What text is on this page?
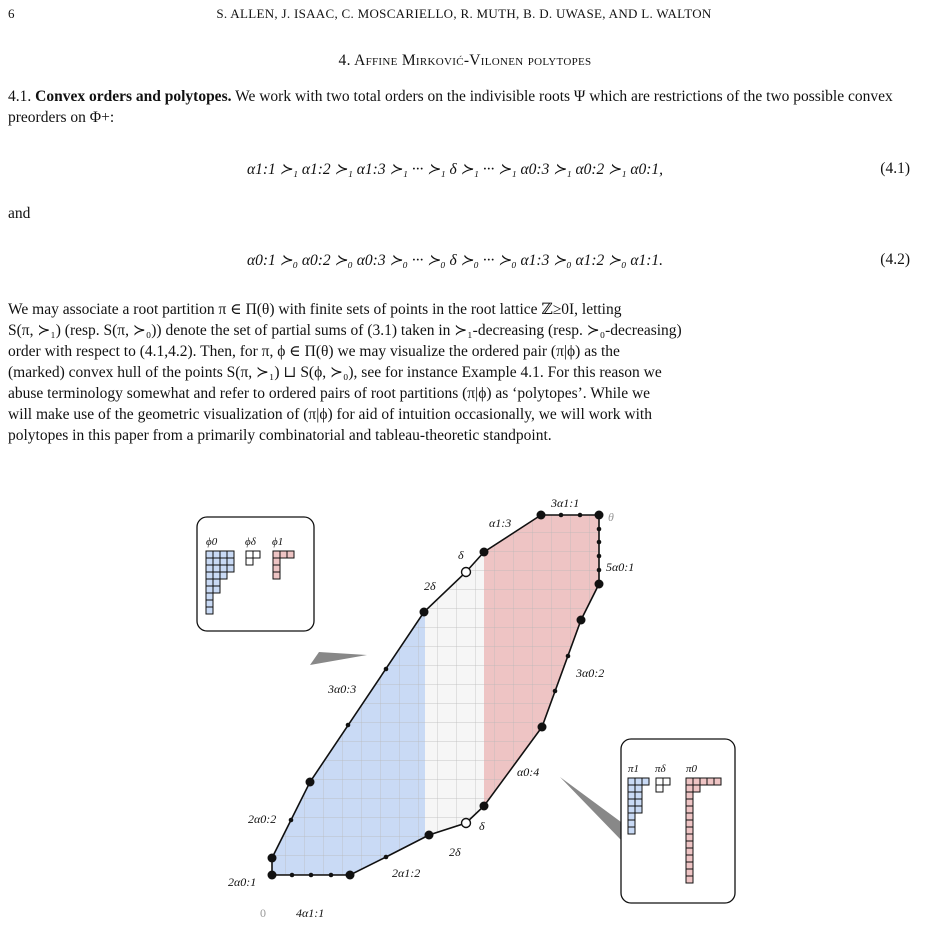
6	S. ALLEN, J. ISAAC, C. MOSCARIELLO, R. MUTH, B. D. UWASE, AND L. WALTON
4. Affine Mirković-Vilonen polytopes
4.1. Convex orders and polytopes. We work with two total orders on the indivisible roots Ψ which are restrictions of the two possible convex preorders on Φ+:
α1:1 ≻₁ α1:2 ≻₁ α1:3 ≻₁ ··· ≻₁ δ ≻₁ ··· ≻₁ α0:3 ≻₁ α0:2 ≻₁ α0:1,	(4.1)
and
α0:1 ≻₀ α0:2 ≻₀ α0:3 ≻₀ ··· ≻₀ δ ≻₀ ··· ≻₀ α1:3 ≻₀ α1:2 ≻₀ α1:1.	(4.2)
We may associate a root partition π ∈ Π(θ) with finite sets of points in the root lattice ℤ≥0I, letting
S(π, ≻₁) (resp. S(π, ≻₀)) denote the set of partial sums of (3.1) taken in ≻₁-decreasing (resp. ≻₀-decreasing)
order with respect to (4.1,4.2). Then, for π, ϕ ∈ Π(θ) we may visualize the ordered pair (π|ϕ) as the
(marked) convex hull of the points S(π, ≻₁) ⊔ S(ϕ, ≻₀), see for instance Example 4.1. For this reason we
abuse terminology somewhat and refer to ordered pairs of root partitions (π|ϕ) as ‘polytopes’. While we
will make use of the geometric visualization of (π|ϕ) for aid of intuition occasionally, we will work with
polytopes in this paper from a primarily combinatorial and tableau-theoretic standpoint.
θ
0
3α1:1
5α0:1
α1:3
δ
2δ
3α0:3
3α0:2
α0:4
δ
2δ
2α0:2
2α0:1
4α1:1
2α1:2
ϕ0	ϕδ ϕ1
π1 πδ π0
